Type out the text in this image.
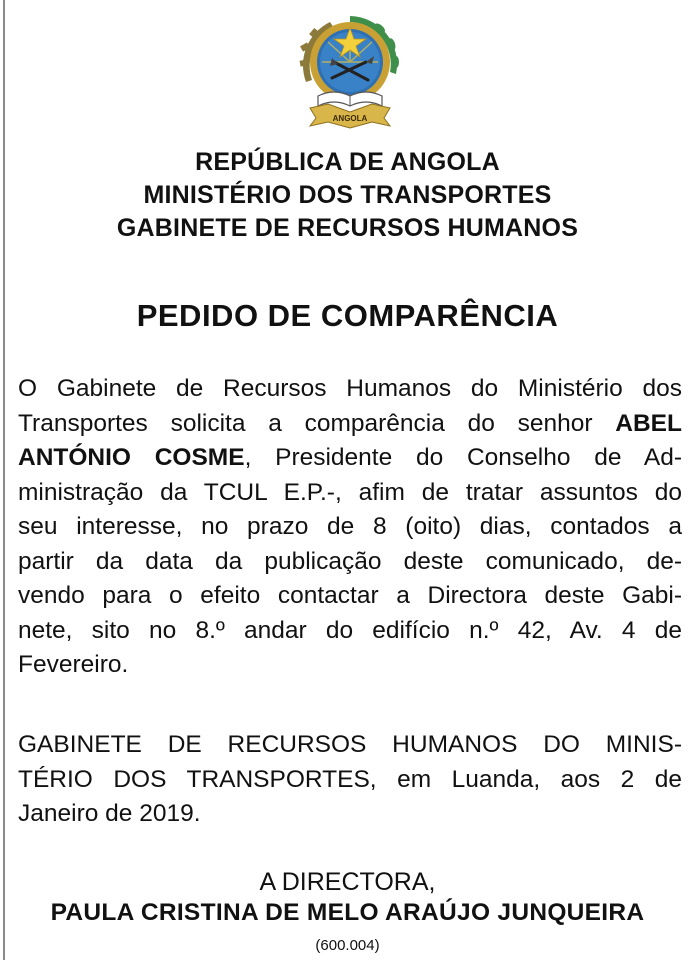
ANGOLA
REPÚBLICA DE ANGOLA
MINISTÉRIO DOS TRANSPORTES
GABINETE DE RECURSOS HUMANOS
PEDIDO DE COMPARÊNCIA
O Gabinete de Recursos Humanos do Ministério dos
Transportes solicita a comparência do senhor ABEL
ANTÓNIO COSME, Presidente do Conselho de Ad-
ministração da TCUL E.P.-, afim de tratar assuntos do
seu interesse, no prazo de 8 (oito) dias, contados a
partir da data da publicação deste comunicado, de-
vendo para o efeito contactar a Directora deste Gabi-
nete, sito no 8.º andar do edifício n.º 42, Av. 4 de
Fevereiro.
GABINETE DE RECURSOS HUMANOS DO MINIS-
TÉRIO DOS TRANSPORTES, em Luanda, aos 2 de
Janeiro de 2019.
A DIRECTORA,
PAULA CRISTINA DE MELO ARAÚJO JUNQUEIRA
(600.004)
